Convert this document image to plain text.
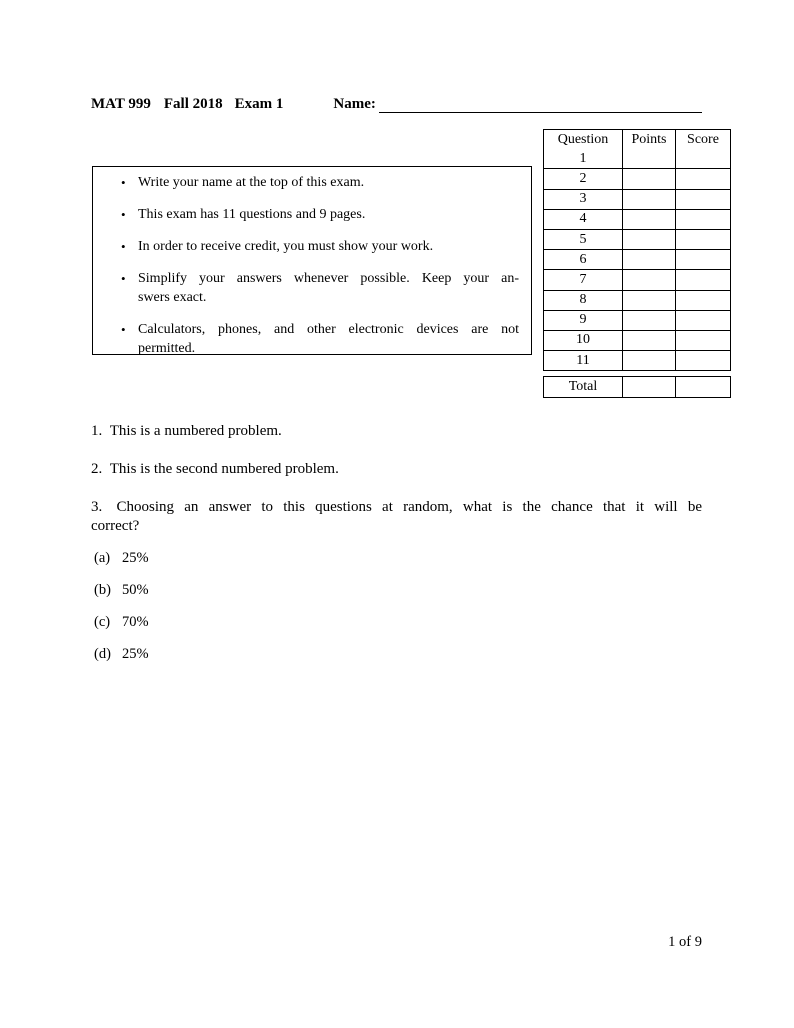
MAT 999 Fall 2018 Exam 1	Name:
Question	Points	Score
1
2
3
4
5
6
7
8
9
10
11
Total
• Write your name at the top of this exam.
• This exam has 11 questions and 9 pages.
• In order to receive credit, you must show your work.
• Simplify your answers whenever possible. Keep your an-
swers exact.
• Calculators, phones, and other electronic devices are not
permitted.
1. This is a numbered problem.
2. This is the second numbered problem.
3. Choosing an answer to this questions at random, what is the chance that it will be
correct?
(a) 25%
(b) 50%
(c) 70%
(d) 25%
1 of 9
